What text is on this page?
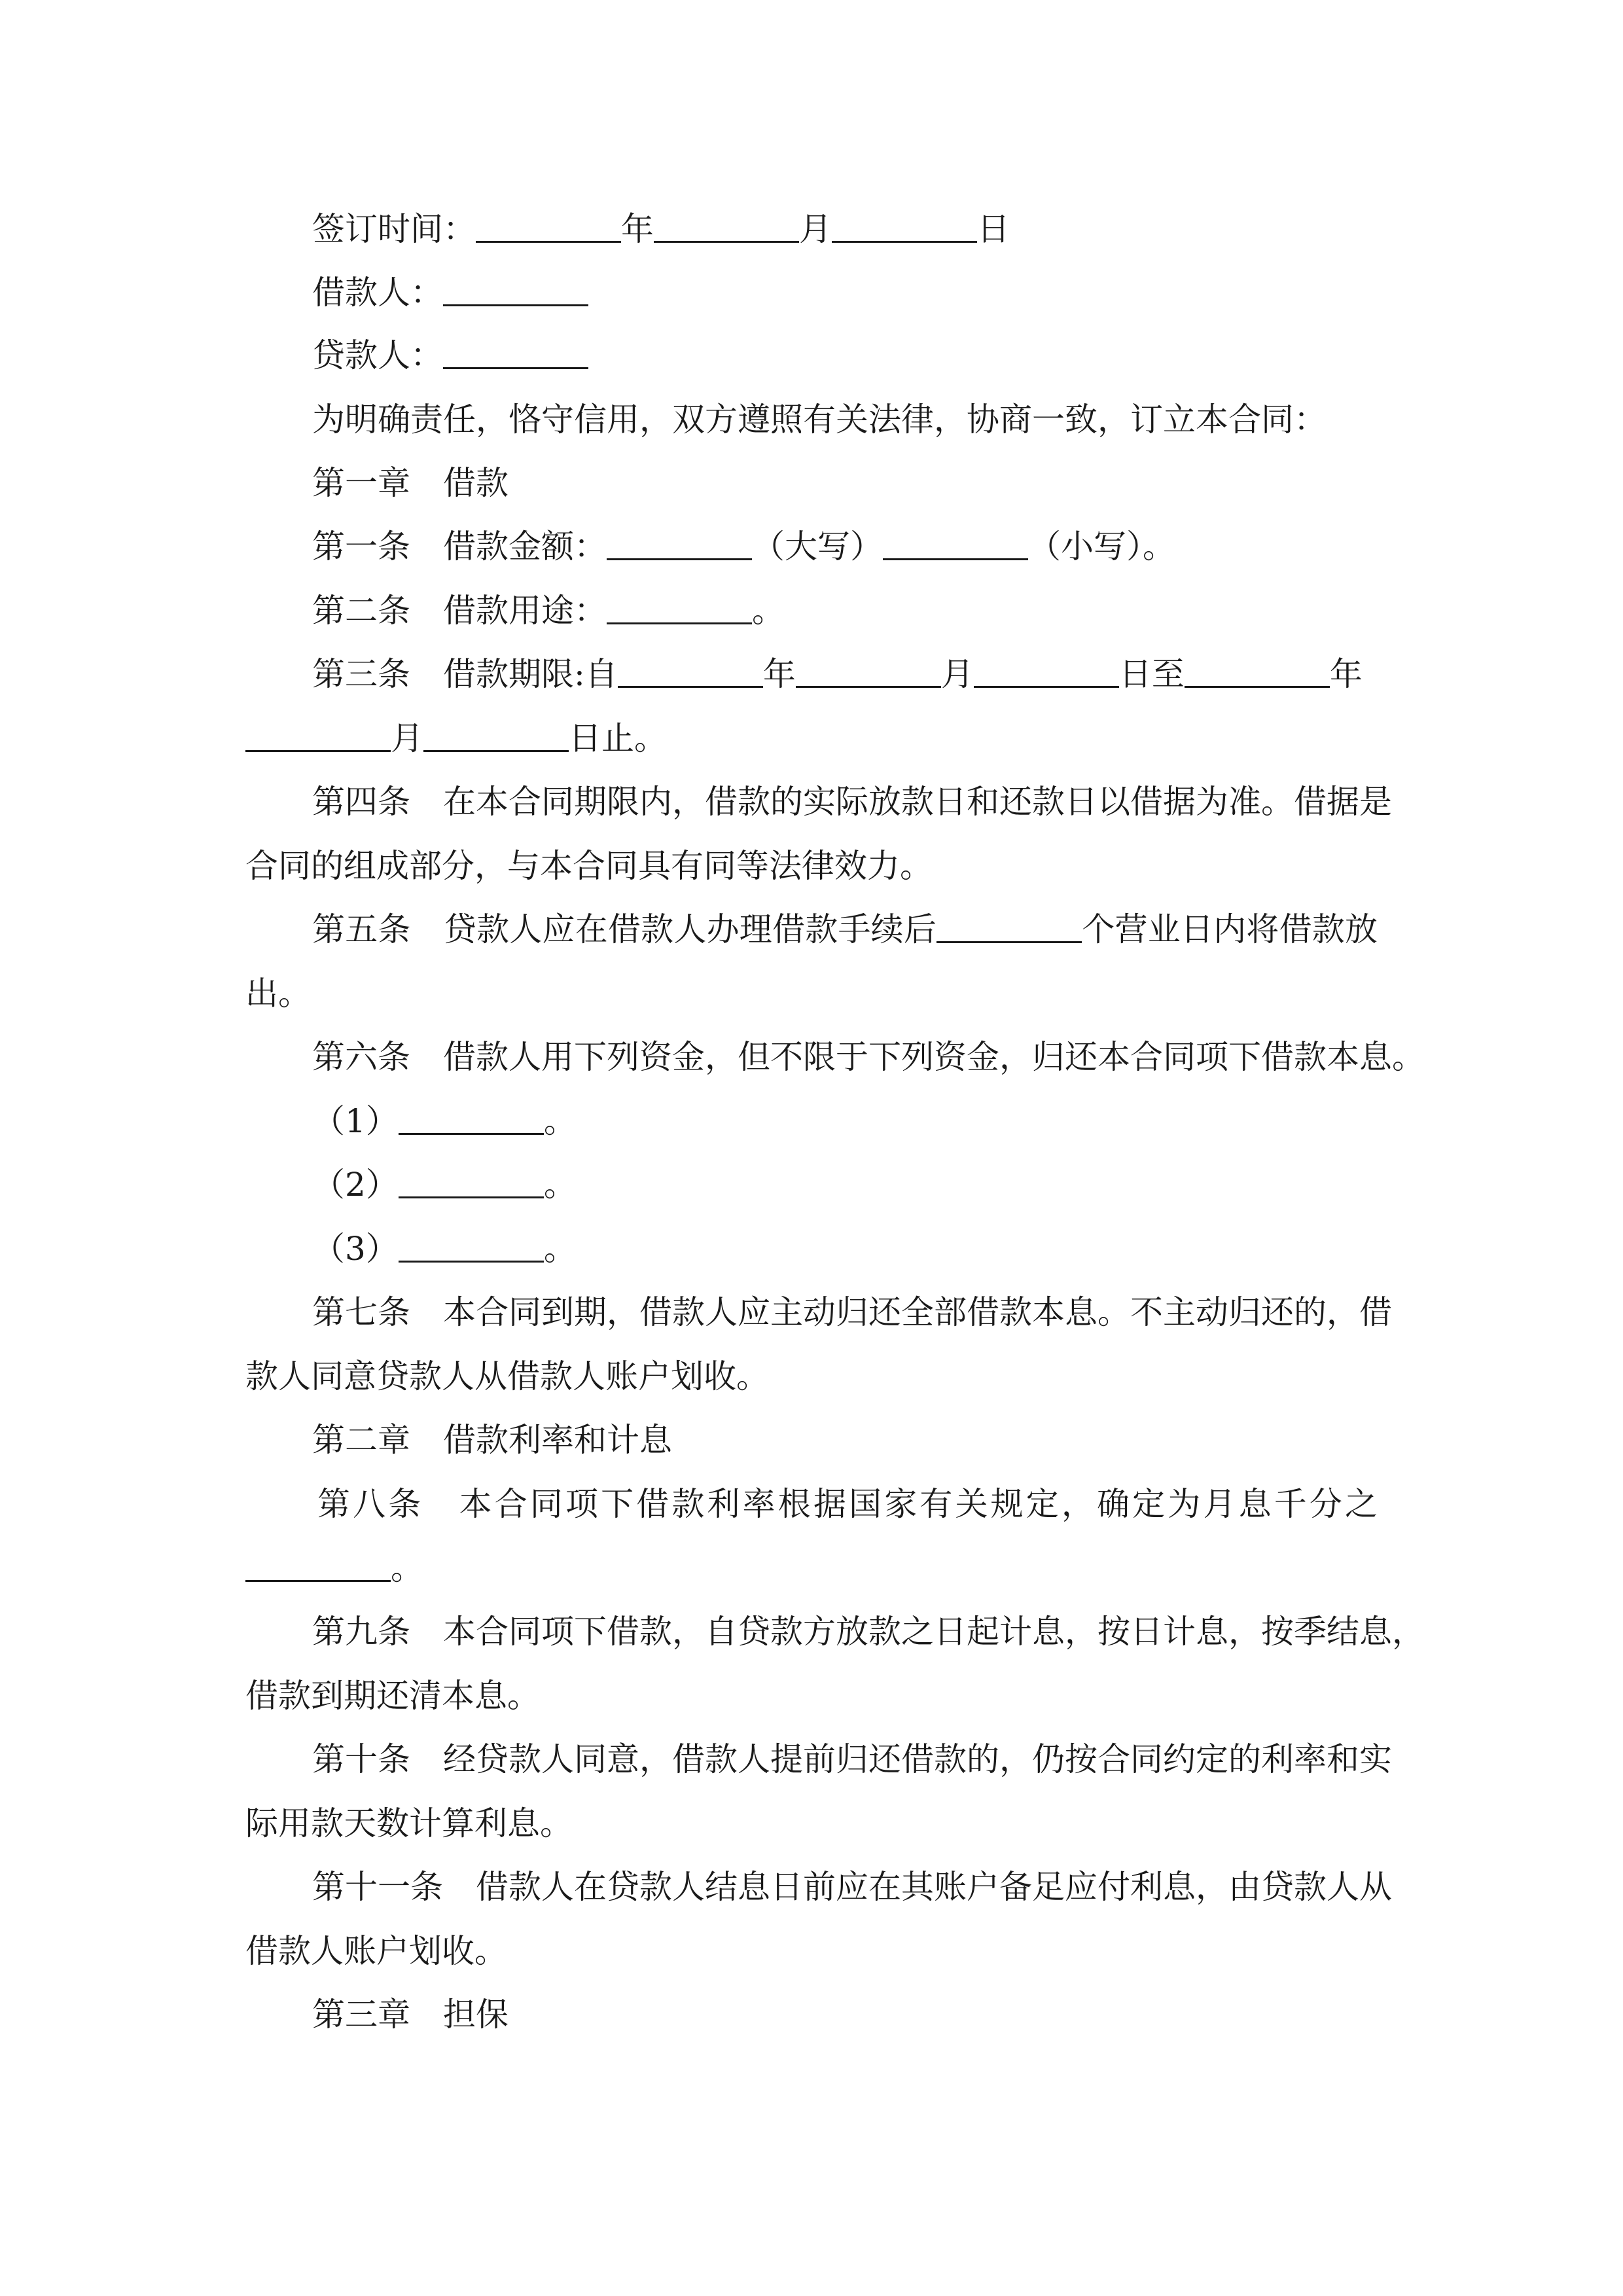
签订时间：	年	月	日
借款人：
贷款人：
为明确责任，恪守信用，双方遵照有关法律，协商一致，订立本合同：
第一章 借款
第一条 借款金额：	（大写）	（小写）。
第二条 借款用途：	。
第三条 借款期限:自	年	月	日至	年
月	日止。
第四条 在本合同期限内，借款的实际放款日和还款日以借据为准。借据是
合同的组成部分，与本合同具有同等法律效力。
第五条 贷款人应在借款人办理借款手续后	个营业日内将借款放
出。
第六条 借款人用下列资金，但不限于下列资金，归还本合同项下借款本息。
（1）	。
（2）	。
（3）	。
第七条 本合同到期，借款人应主动归还全部借款本息。不主动归还的，借
款人同意贷款人从借款人账户划收。
第二章 借款利率和计息
第八条 本合同项下借款利率根据国家有关规定，确定为月息千分之
。
第九条 本合同项下借款，自贷款方放款之日起计息，按日计息，按季结息，
借款到期还清本息。
第十条 经贷款人同意，借款人提前归还借款的，仍按合同约定的利率和实
际用款天数计算利息。
第十一条 借款人在贷款人结息日前应在其账户备足应付利息，由贷款人从
借款人账户划收。
第三章 担保
